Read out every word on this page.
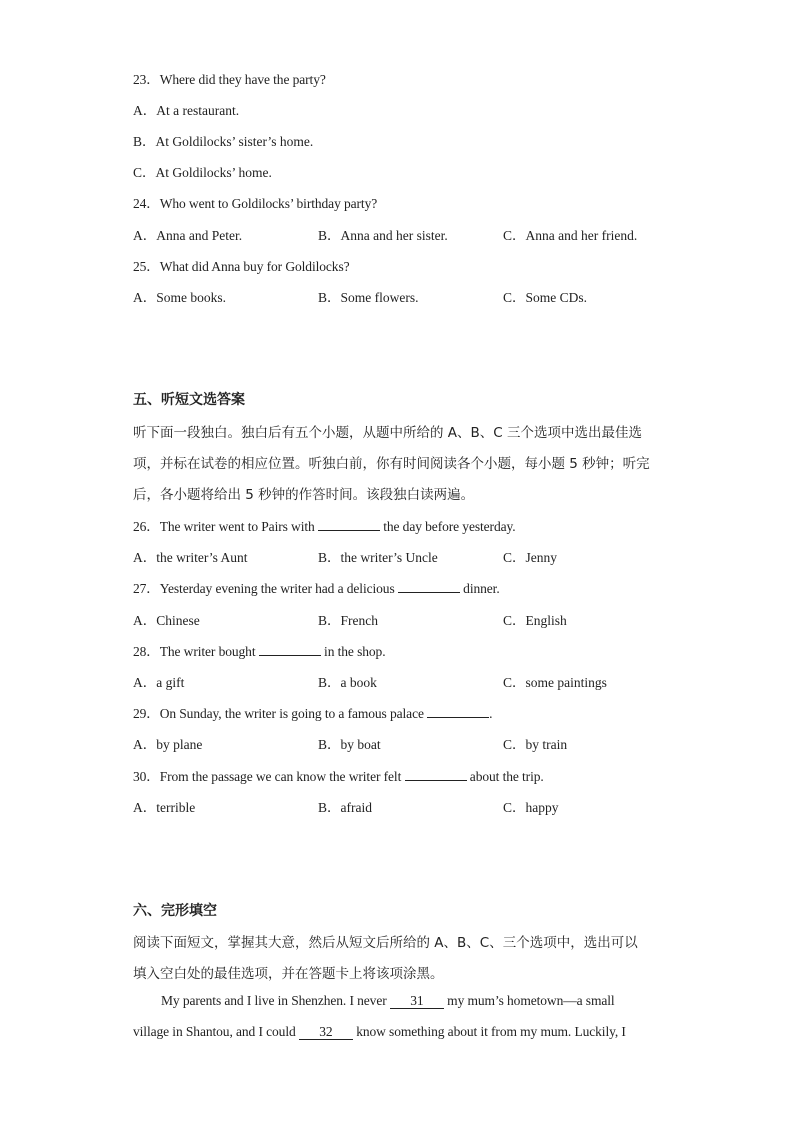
23．Where did they have the party?
A．At a restaurant.
B．At Goldilocks’ sister’s home.
C．At Goldilocks’ home.
24．Who went to Goldilocks’ birthday party?
A．Anna and Peter.	B．Anna and her sister.	C．Anna and her friend.
25．What did Anna buy for Goldilocks?
A．Some books.	B．Some flowers.	C．Some CDs.
五、听短文选答案
听下面一段独白。独白后有五个小题，从题中所给的 A、B、C 三个选项中选出最佳选
项，并标在试卷的相应位置。听独白前，你有时间阅读各个小题，每小题 5 秒钟；听完
后，各小题将给出 5 秒钟的作答时间。该段独白读两遍。
26．The writer went to Pairs with	the day before yesterday.
A．the writer’s Aunt	B．the writer’s Uncle	C．Jenny
27．Yesterday evening the writer had a delicious	dinner.
A．Chinese	B．French	C．English
28．The writer bought	in the shop.
A．a gift	B．a book	C．some paintings
29．On Sunday, the writer is going to a famous palace	.
A．by plane	B．by boat	C．by train
30．From the passage we can know the writer felt	about the trip.
A．terrible	B．afraid	C．happy
六、完形填空
阅读下面短文，掌握其大意，然后从短文后所给的 A、B、C、三个选项中，选出可以
填入空白处的最佳选项，并在答题卡上将该项涂黑。
My parents and I live in Shenzhen. I never 31 my mum’s hometown—a small
village in Shantou, and I could 32 know something about it from my mum. Luckily, I
